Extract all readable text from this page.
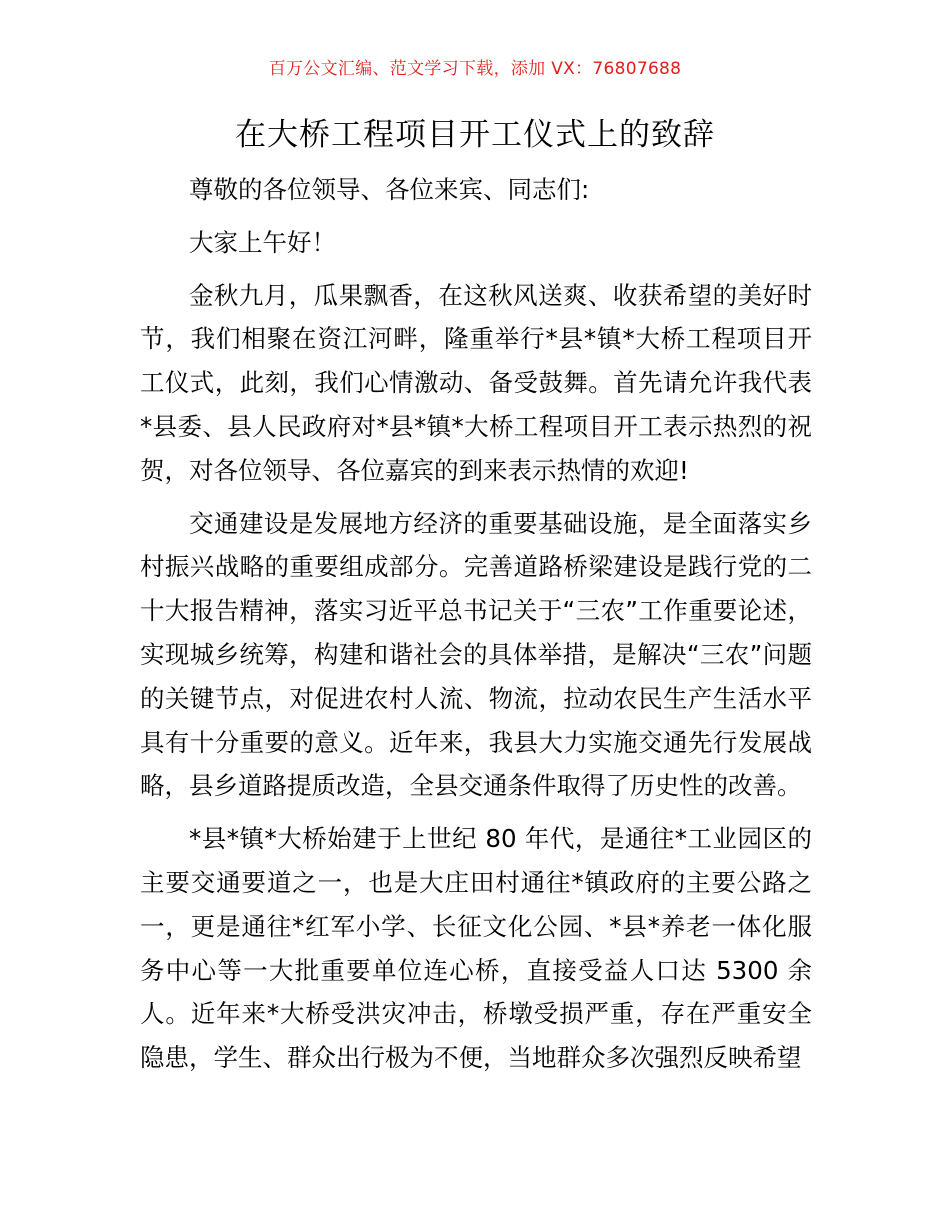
百万公文汇编、范文学习下载，添加 VX：76807688
在大桥工程项目开工仪式上的致辞

尊敬的各位领导、各位来宾、同志们:

大家上午好！

金秋九月，瓜果飘香，在这秋风送爽、收获希望的美好时节，我们相聚在资江河畔，隆重举行*县*镇*大桥工程项目开工仪式，此刻，我们心情激动、备受鼓舞。首先请允许我代表*县委、县人民政府对*县*镇*大桥工程项目开工表示热烈的祝贺，对各位领导、各位嘉宾的到来表示热情的欢迎!

交通建设是发展地方经济的重要基础设施，是全面落实乡村振兴战略的重要组成部分。完善道路桥梁建设是践行党的二十大报告精神，落实习近平总书记关于“三农”工作重要论述，实现城乡统筹，构建和谐社会的具体举措，是解决“三农”问题的关键节点，对促进农村人流、物流，拉动农民生产生活水平具有十分重要的意义。近年来，我县大力实施交通先行发展战略，县乡道路提质改造，全县交通条件取得了历史性的改善。

*县*镇*大桥始建于上世纪 80 年代，是通往*工业园区的主要交通要道之一，也是大庄田村通往*镇政府的主要公路之一，更是通往*红军小学、长征文化公园、*县*养老一体化服务中心等一大批重要单位连心桥，直接受益人口达 5300 余人。近年来*大桥受洪灾冲击，桥墩受损严重，存在严重安全隐患，学生、群众出行极为不便，当地群众多次强烈反映希望
